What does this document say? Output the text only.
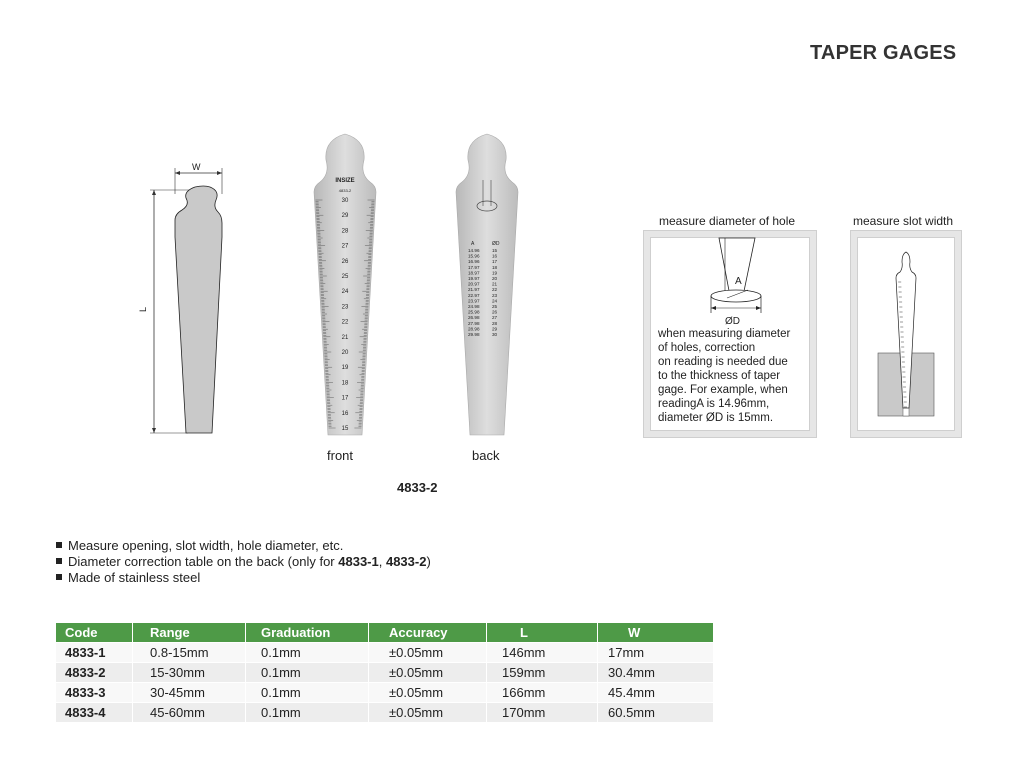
TAPER GAGES
W
L
INSIZE
4833-2
30
29
28
27
26
25
24
23
22
21
20
19
18
17
16
15
A	ØD
14.96	15
15.96	16
16.96	17
17.97	18
18.97	19
19.97	20
20.97	21
21.97	22
22.97	23
23.97	24
24.98	25
25.98	26
26.98	27
27.98	28
28.98	29
29.98	30
front	back
4833-2
measure diameter of hole
A
ØD
when measuring diameter
of holes, correction
on reading is needed due
to the thickness of taper
gage. For example, when
readingA is 14.96mm,
diameter ØD is 15mm.
measure slot width
Measure opening, slot width, hole diameter, etc.
Diameter correction table on the back (only for 4833-1, 4833-2)
Made of stainless steel
Code	Range	Graduation	Accuracy	L	W
4833-1	0.8-15mm	0.1mm	±0.05mm	146mm	17mm
4833-2	15-30mm	0.1mm	±0.05mm	159mm	30.4mm
4833-3	30-45mm	0.1mm	±0.05mm	166mm	45.4mm
4833-4	45-60mm	0.1mm	±0.05mm	170mm	60.5mm
